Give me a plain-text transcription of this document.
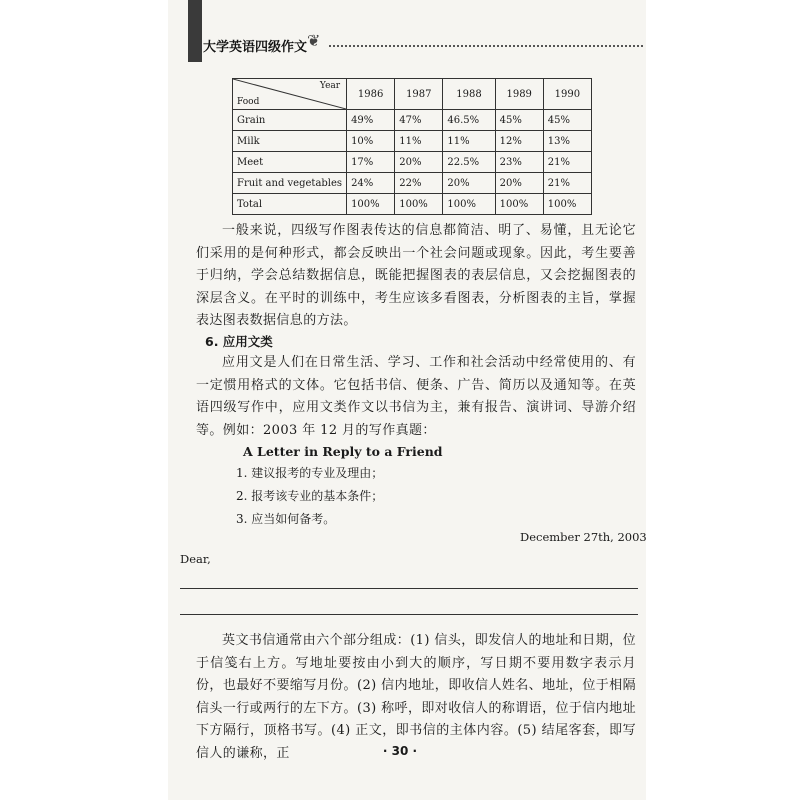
大学英语四级作文 ❦
Year
Food	1986	1987	1988	1989	1990
Grain	49%	47%	46.5%	45%	45%
Milk	10%	11%	11%	12%	13%
Meet	17%	20%	22.5%	23%	21%
Fruit and vegetables	24%	22%	20%	20%	21%
Total	100%	100%	100%	100%	100%
一般来说，四级写作图表传达的信息都简洁、明了、易懂，且无论它们采用的是何种形式，都会反映出一个社会问题或现象。因此，考生要善于归纳，学会总结数据信息，既能把握图表的表层信息，又会挖掘图表的深层含义。在平时的训练中，考生应该多看图表，分析图表的主旨，掌握表达图表数据信息的方法。
6. 应用文类
应用文是人们在日常生活、学习、工作和社会活动中经常使用的、有一定惯用格式的文体。它包括书信、便条、广告、简历以及通知等。在英语四级写作中，应用文类作文以书信为主，兼有报告、演讲词、导游介绍等。例如：2003 年 12 月的写作真题：
A Letter in Reply to a Friend
1. 建议报考的专业及理由；
2. 报考该专业的基本条件；
3. 应当如何备考。
December 27th, 2003
Dear,
英文书信通常由六个部分组成：(1) 信头，即发信人的地址和日期，位于信笺右上方。写地址要按由小到大的顺序，写日期不要用数字表示月份，也最好不要缩写月份。(2) 信内地址，即收信人姓名、地址，位于相隔信头一行或两行的左下方。(3) 称呼，即对收信人的称谓语，位于信内地址下方隔行，顶格书写。(4) 正文，即书信的主体内容。(5) 结尾客套，即写信人的谦称，正	· 30 ·
